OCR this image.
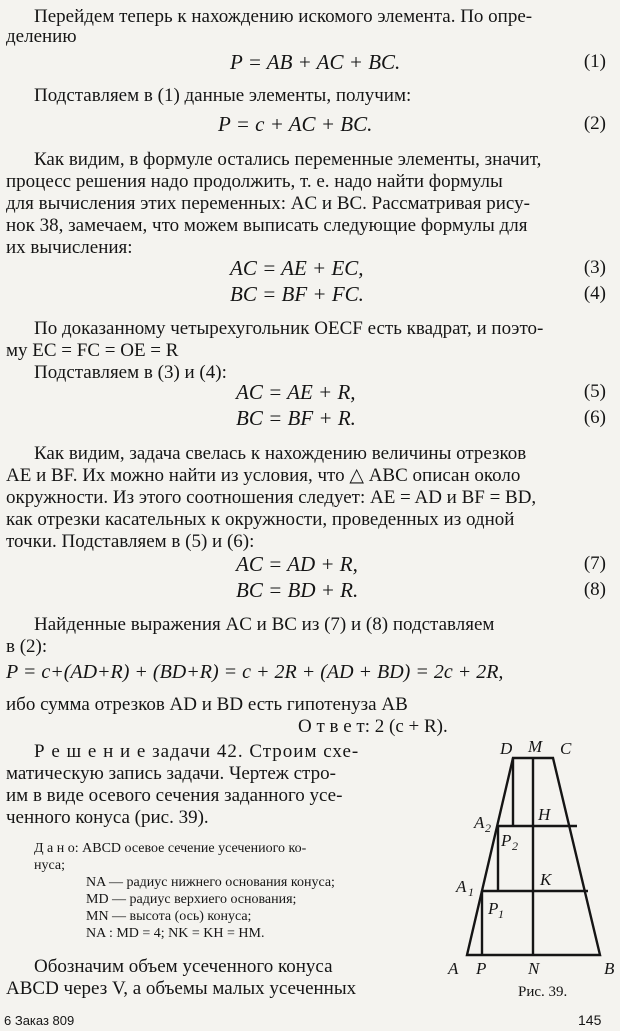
Перейдем теперь к нахождению искомого элемента. По опре-
делению
P = AB + AC + BC.	(1)
Подставляем в (1) данные элементы, получим:
P = c + AC + BC.	(2)
Как видим, в формуле остались переменные элементы, значит,
процесс решения надо продолжить, т. е. надо найти формулы
для вычисления этих переменных: AC и BC. Рассматривая рису-
нок 38, замечаем, что можем выписать следующие формулы для
их вычисления:
AC = AE + EC,	(3)
BC = BF + FC.	(4)
По доказанному четырехугольник OECF есть квадрат, и поэто-
му EC = FC = OE = R
Подставляем в (3) и (4):
AC = AE + R,	(5)
BC = BF + R.	(6)
Как видим, задача свелась к нахождению величины отрезков
AE и BF. Их можно найти из условия, что △ ABC описан около
окружности. Из этого соотношения следует: AE = AD и BF = BD,
как отрезки касательных к окружности, проведенных из одной
точки. Подставляем в (5) и (6):
AC = AD + R,	(7)
BC = BD + R.	(8)
Найденные выражения AC и BC из (7) и (8) подставляем
в (2):
P = c+(AD+R) + (BD+R) = c + 2R + (AD + BD) = 2c + 2R,
ибо сумма отрезков AD и BD есть гипотенуза AB
О т в е т: 2 (c + R).
Р е ш е н и е задачи 42. Строим схе-
матическую запись задачи. Чертеж стро-
им в виде осевого сечения заданного усе-
ченного конуса (рис. 39).
Д а н о: ABCD осевое сечение усечениого ко-
нуса;
NA — радиус нижнего основания конуса;
MD — радиус верхиего основания;
MN — высота (ось) конуса;
NA : MD = 4; NK = KH = HM.
Обозначим объем усеченного конуса
ABCD через V, а объемы малых усеченных
D M C
H
A 2
P 2
K
A 1
P 1
A P N	B
Рис. 39.
6 Заказ 809	145
